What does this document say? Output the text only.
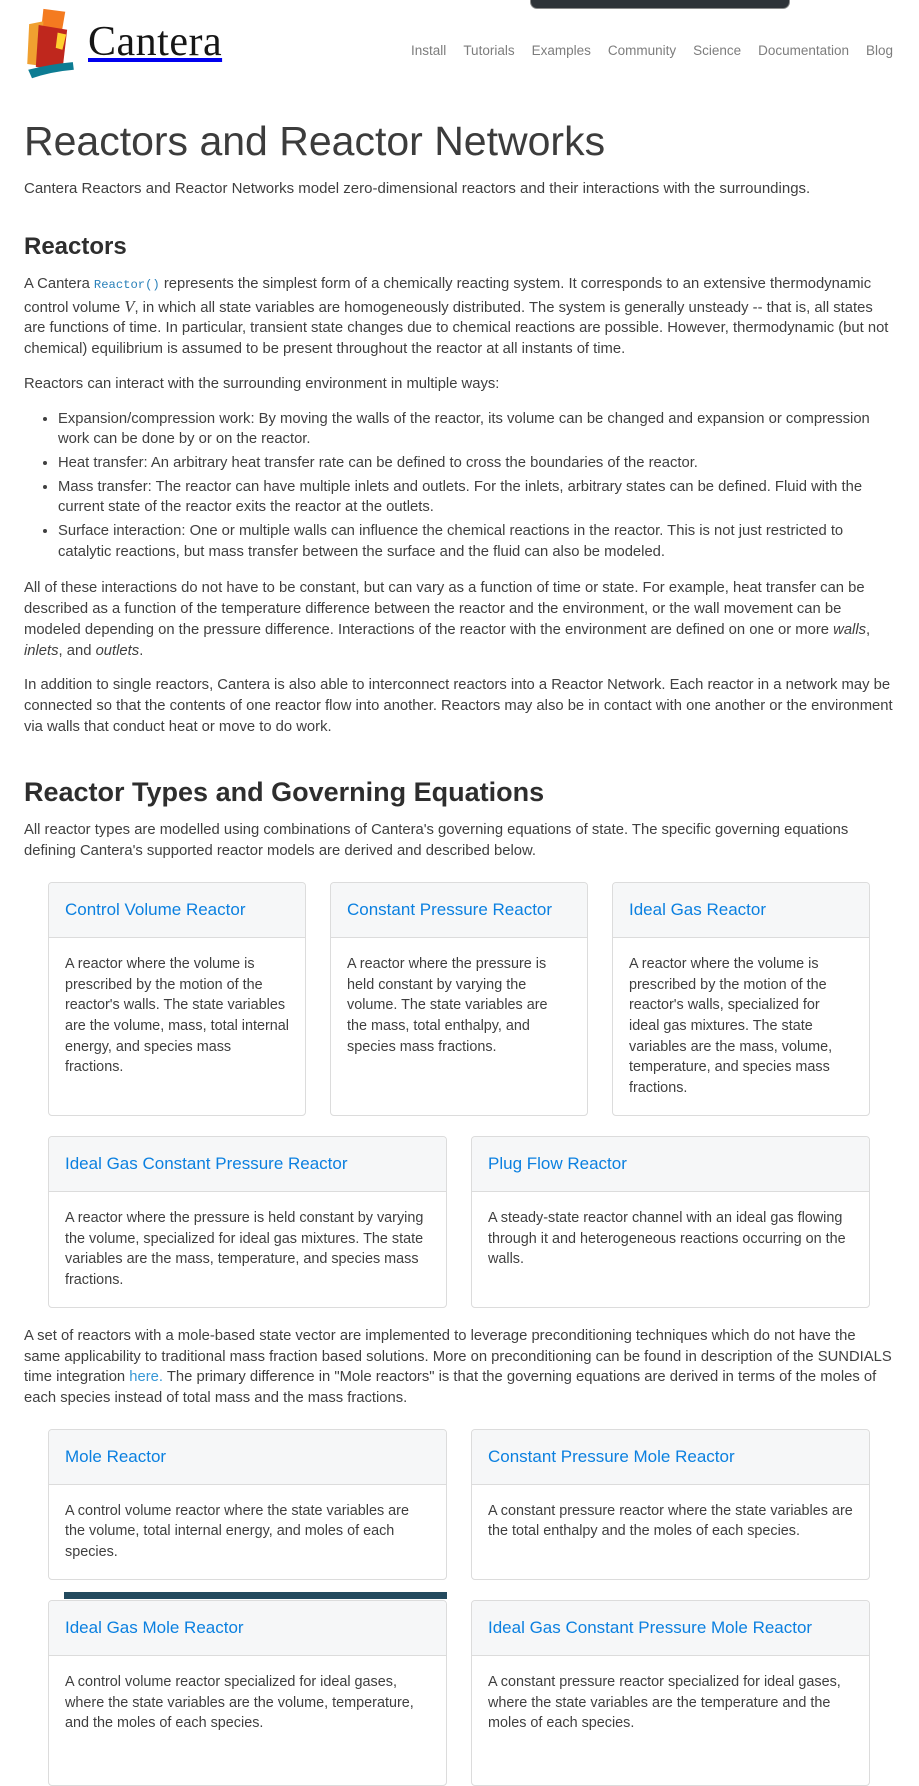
Cantera	Install Tutorials Examples Community Science Documentation Blog
Reactors and Reactor Networks

Cantera Reactors and Reactor Networks model zero-dimensional reactors and their interactions with the surroundings.

Reactors

A Cantera Reactor() represents the simplest form of a chemically reacting system. It corresponds to an extensive thermodynamic control volume V, in which all state variables are homogeneously distributed. The system is generally unsteady -- that is, all states are functions of time. In particular, transient state changes due to chemical reactions are possible. However, thermodynamic (but not chemical) equilibrium is assumed to be present throughout the reactor at all instants of time.

Reactors can interact with the surrounding environment in multiple ways:

• Expansion/compression work: By moving the walls of the reactor, its volume can be changed and expansion or compression work can be done by or on the reactor.
• Heat transfer: An arbitrary heat transfer rate can be defined to cross the boundaries of the reactor.
• Mass transfer: The reactor can have multiple inlets and outlets. For the inlets, arbitrary states can be defined. Fluid with the current state of the reactor exits the reactor at the outlets.
• Surface interaction: One or multiple walls can influence the chemical reactions in the reactor. This is not just restricted to catalytic reactions, but mass transfer between the surface and the fluid can also be modeled.

All of these interactions do not have to be constant, but can vary as a function of time or state. For example, heat transfer can be described as a function of the temperature difference between the reactor and the environment, or the wall movement can be modeled depending on the pressure difference. Interactions of the reactor with the environment are defined on one or more walls, inlets, and outlets.

In addition to single reactors, Cantera is also able to interconnect reactors into a Reactor Network. Each reactor in a network may be connected so that the contents of one reactor flow into another. Reactors may also be in contact with one another or the environment via walls that conduct heat or move to do work.

Reactor Types and Governing Equations

All reactor types are modelled using combinations of Cantera's governing equations of state. The specific governing equations defining Cantera's supported reactor models are derived and described below.

Control Volume Reactor

A reactor where the volume is prescribed by the motion of the reactor's walls. The state variables are the volume, mass, total internal energy, and species mass fractions.

Constant Pressure Reactor

A reactor where the pressure is held constant by varying the volume. The state variables are the mass, total enthalpy, and species mass fractions.

Ideal Gas Reactor

A reactor where the volume is prescribed by the motion of the reactor's walls, specialized for ideal gas mixtures. The state variables are the mass, volume, temperature, and species mass fractions.

Ideal Gas Constant Pressure Reactor

A reactor where the pressure is held constant by varying the volume, specialized for ideal gas mixtures. The state variables are the mass, temperature, and species mass fractions.

Plug Flow Reactor

A steady-state reactor channel with an ideal gas flowing through it and heterogeneous reactions occurring on the walls.

A set of reactors with a mole-based state vector are implemented to leverage preconditioning techniques which do not have the same applicability to traditional mass fraction based solutions. More on preconditioning can be found in description of the SUNDIALS time integration here. The primary difference in "Mole reactors" is that the governing equations are derived in terms of the moles of each species instead of total mass and the mass fractions.

Mole Reactor

A control volume reactor where the state variables are the volume, total internal energy, and moles of each species.

Constant Pressure Mole Reactor

A constant pressure reactor where the state variables are the total enthalpy and the moles of each species.

Ideal Gas Mole Reactor

A control volume reactor specialized for ideal gases, where the state variables are the volume, temperature, and the moles of each species.

Ideal Gas Constant Pressure Mole Reactor

A constant pressure reactor specialized for ideal gases, where the state variables are the temperature and the moles of each species.
